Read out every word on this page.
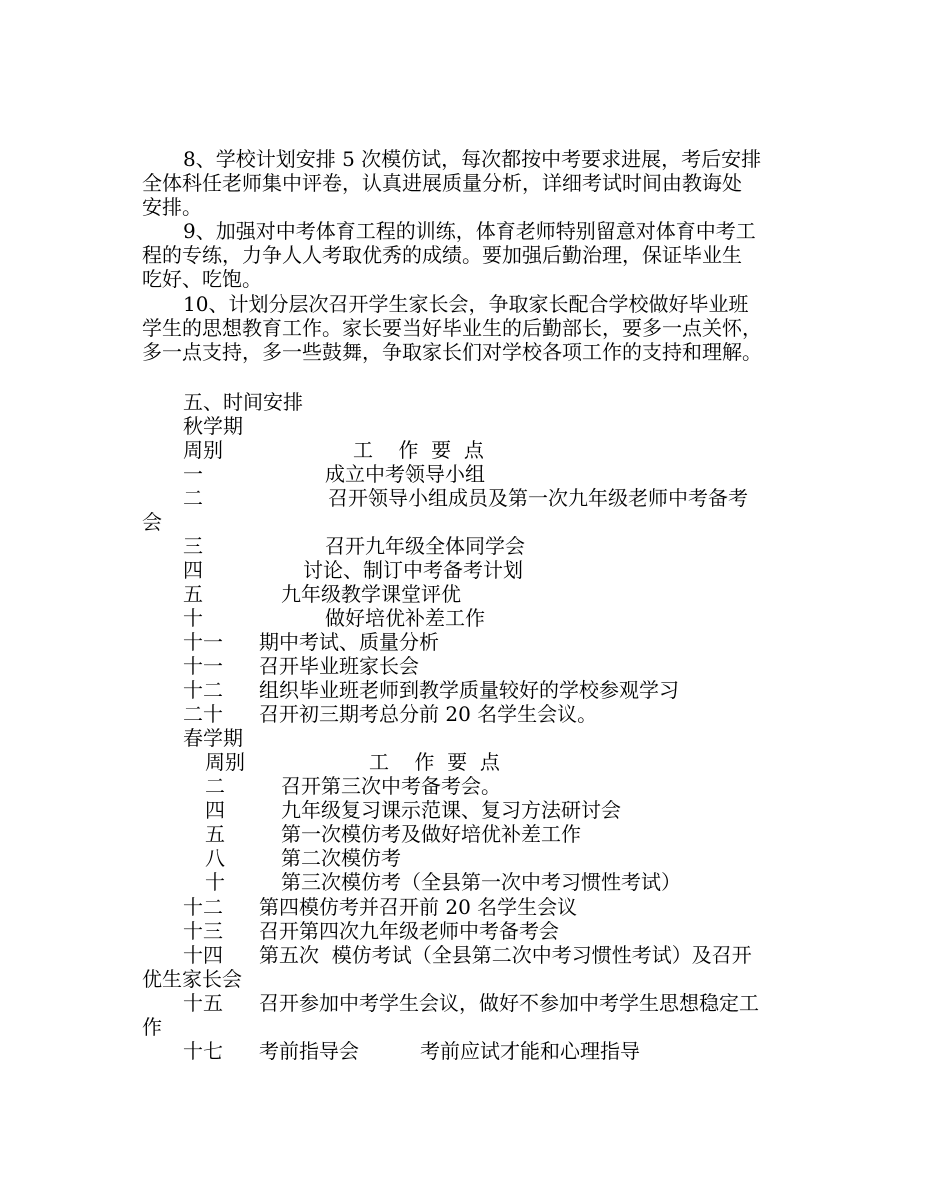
8、学校计划安排 5 次模仿试，每次都按中考要求进展，考后安排
全体科任老师集中评卷，认真进展质量分析，详细考试时间由教诲处
安排。
9、加强对中考体育工程的训练，体育老师特别留意对体育中考工
程的专练，力争人人考取优秀的成绩。要加强后勤治理，保证毕业生
吃好、吃饱。
10、计划分层次召开学生家长会，争取家长配合学校做好毕业班
学生的思想教育工作。家长要当好毕业生的后勤部长，要多一点关怀，
多一点支持，多一些鼓舞，争取家长们对学校各项工作的支持和理解。
五、时间安排
秋学期
周别	工    作  要  点
一	成立中考领导小组
二	召开领导小组成员及第一次九年级老师中考备考
会
三	召开九年级全体同学会
四	讨论、制订中考备考计划
五	九年级教学课堂评优
十	做好培优补差工作
十一 期中考试、质量分析
十一 召开毕业班家长会
十二 组织毕业班老师到教学质量较好的学校参观学习
二十 召开初三期考总分前 20 名学生会议。
春学期
周别	工    作  要  点
二	召开第三次中考备考会。
四	九年级复习课示范课、复习方法研讨会
五	第一次模仿考及做好培优补差工作
八	第二次模仿考
十	第三次模仿考（全县第一次中考习惯性考试）
十二 第四模仿考并召开前 20 名学生会议
十三 召开第四次九年级老师中考备考会
十四 第五次  模仿考试（全县第二次中考习惯性考试）及召开
优生家长会
十五 召开参加中考学生会议，做好不参加中考学生思想稳定工
作
十七 考前指导会	考前应试才能和心理指导
